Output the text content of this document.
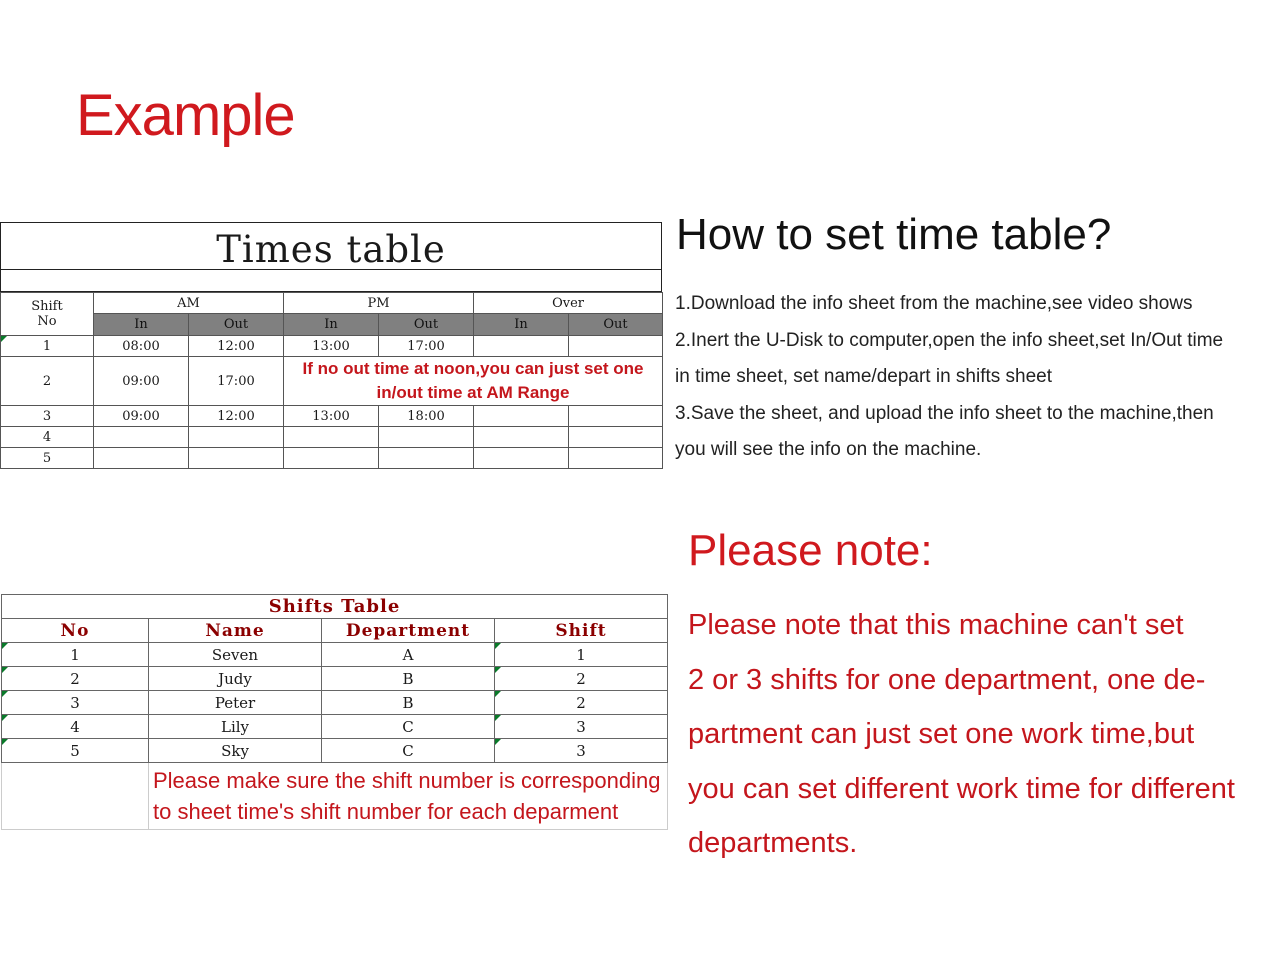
Example
Times table
Shift
No	AM		PM		Over	
	In	Out	In	Out	In	Out
1	08:00	12:00	13:00	17:00		
2	09:00	17:00	If no out time at noon,you can just set one in/out time at AM Range			
3	09:00	12:00	13:00	18:00		
4						
5						
How to set time table?
1.Download the info sheet from the machine,see video shows
2.Inert the U-Disk to computer,open the info sheet,set In/Out time
in time sheet, set name/depart in shifts sheet
3.Save the sheet, and upload the info sheet to the machine,then
you will see the info on the machine.
Shifts Table			
No	Name	Department	Shift
1	Seven	A	1
2	Judy	B	2
3	Peter	B	2
4	Lily	C	3
5	Sky	C	3
	Please make sure the shift number is corresponding to sheet time's shift number for each deparment		
Please note:
Please note that this machine can't set
2 or 3 shifts for one department, one de-
partment can just set one work time,but
you can set different work time for different
departments.
